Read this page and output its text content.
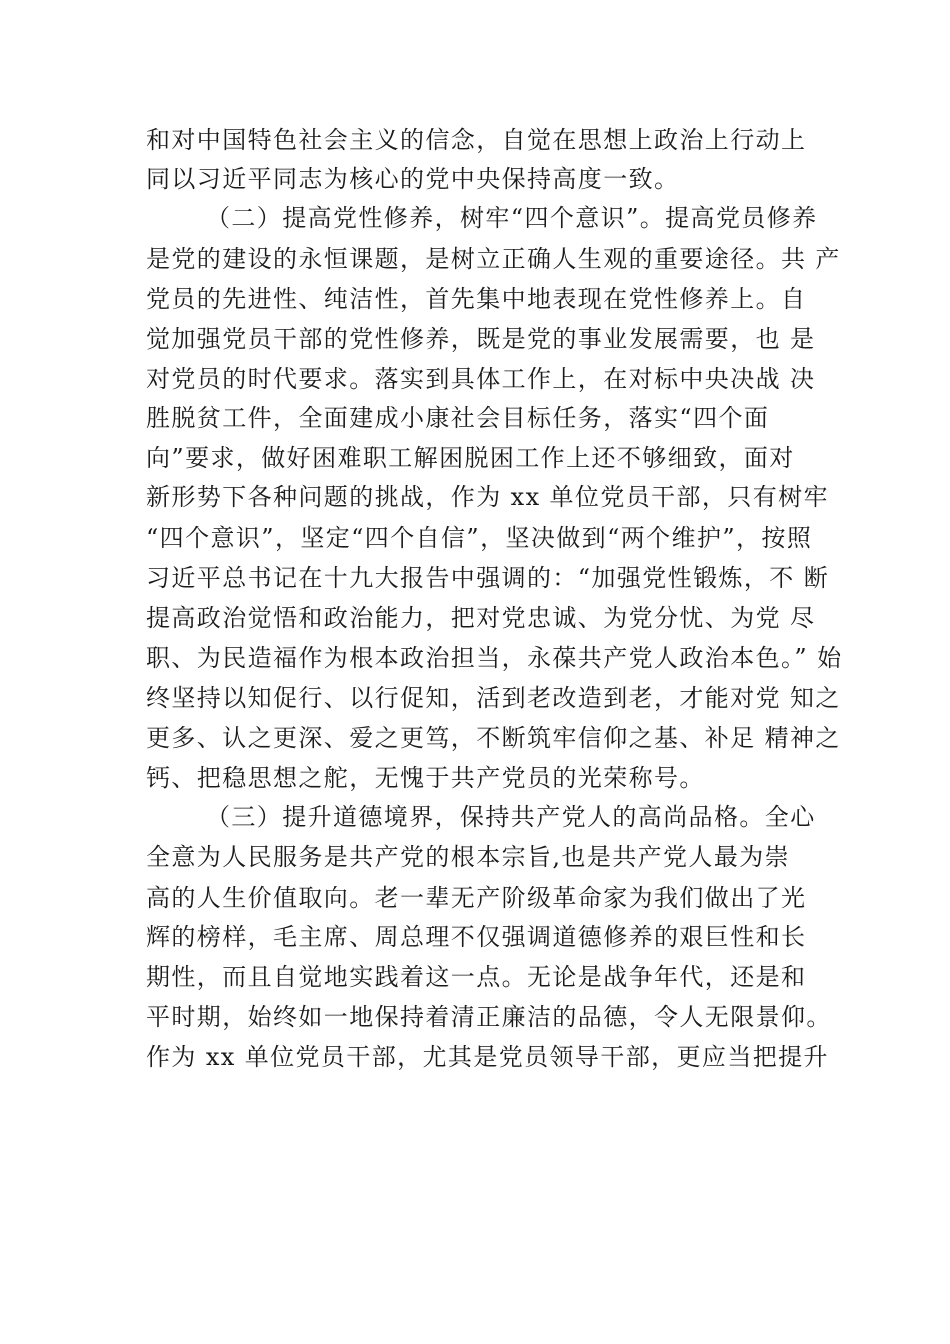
和对中国特色社会主义的信念，自觉在思想上政治上行动上
同以习近平同志为核心的党中央保持高度一致。
（二）提高党性修养，树牢“四个意识”。提高党员修养
是党的建设的永恒课题，是树立正确人生观的重要途径。共 产
党员的先进性、纯洁性，首先集中地表现在党性修养上。自
觉加强党员干部的党性修养，既是党的事业发展需要，也 是
对党员的时代要求。落实到具体工作上，在对标中央决战 决
胜脱贫工件，全面建成小康社会目标任务，落实“四个面
向”要求，做好困难职工解困脱困工作上还不够细致，面对
新形势下各种问题的挑战，作为 xx 单位党员干部，只有树牢
“四个意识”，坚定“四个自信”，坚决做到“两个维护”，按照
习近平总书记在十九大报告中强调的：“加强党性锻炼，不 断
提高政治觉悟和政治能力，把对党忠诚、为党分忧、为党 尽
职、为民造福作为根本政治担当，永葆共产党人政治本色。” 始
终坚持以知促行、以行促知，活到老改造到老，才能对党 知之
更多、认之更深、爱之更笃，不断筑牢信仰之基、补足 精神之
钙、把稳思想之舵，无愧于共产党员的光荣称号。
（三）提升道德境界，保持共产党人的高尚品格。全心
全意为人民服务是共产党的根本宗旨,也是共产党人最为崇
高的人生价值取向。老一辈无产阶级革命家为我们做出了光
辉的榜样，毛主席、周总理不仅强调道德修养的艰巨性和长
期性，而且自觉地实践着这一点。无论是战争年代，还是和
平时期，始终如一地保持着清正廉洁的品德，令人无限景仰。
作为 xx 单位党员干部，尤其是党员领导干部，更应当把提升
